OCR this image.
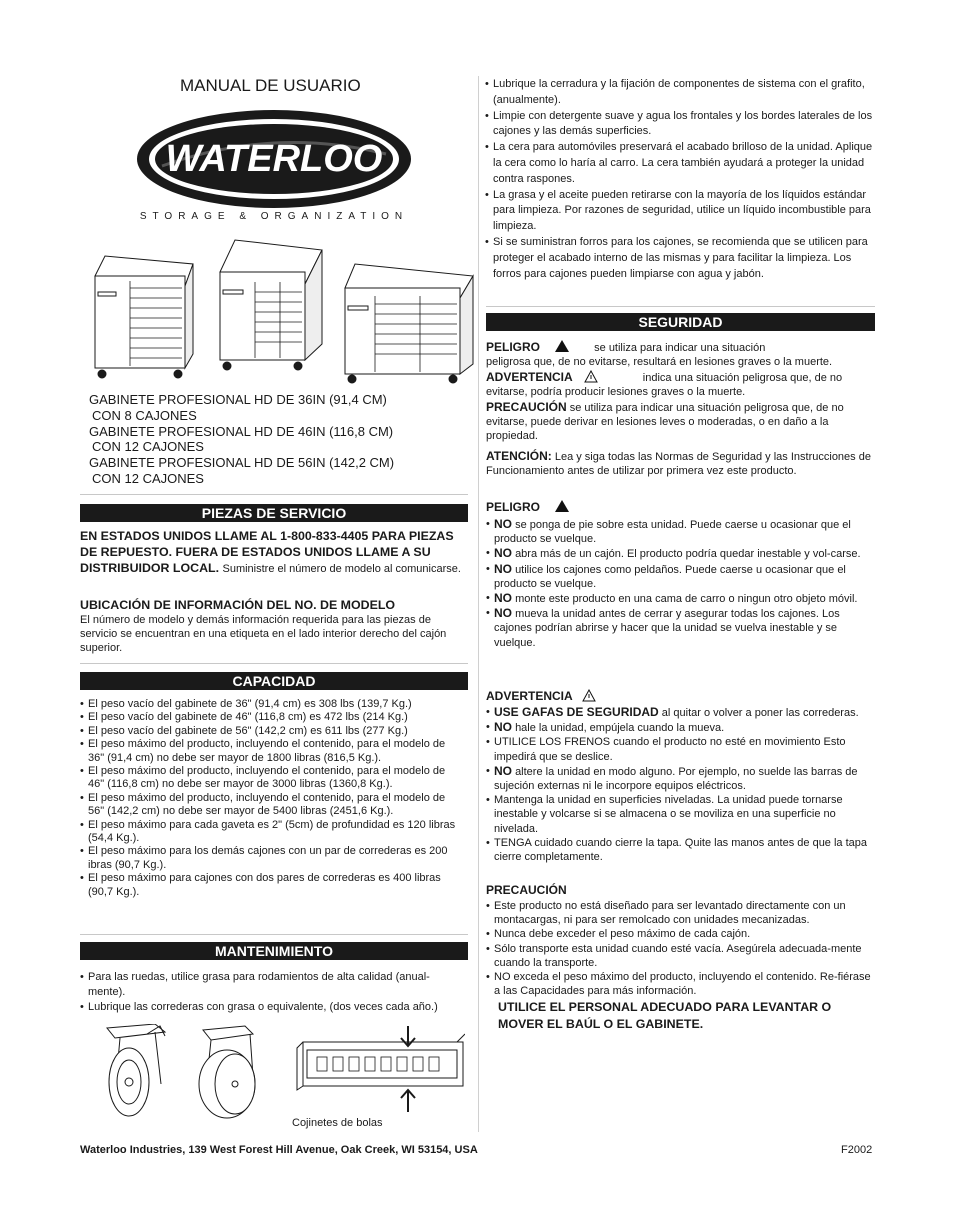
MANUAL DE USUARIO
WATERLOO
STORAGE & ORGANIZATION
GABINETE PROFESIONAL HD DE 36IN (91,4 CM)
CON 8 CAJONES
GABINETE PROFESIONAL HD DE 46IN (116,8 CM)
CON 12 CAJONES
GABINETE PROFESIONAL HD DE 56IN (142,2 CM)
CON 12 CAJONES
PIEZAS DE SERVICIO
EN ESTADOS UNIDOS LLAME AL 1-800-833-4405 PARA PIEZAS DE REPUESTO. FUERA DE ESTADOS UNIDOS LLAME A SU DISTRIBUIDOR LOCAL. Suministre el número de modelo al comunicarse.
UBICACIÓN DE INFORMACIÓN DEL NO. DE MODELO
El número de modelo y demás información requerida para las piezas de servicio se encuentran en una etiqueta en el lado interior derecho del cajón superior.
CAPACIDAD
• El peso vacío del gabinete de 36" (91,4 cm) es 308 lbs (139,7 Kg.)
• El peso vacío del gabinete de 46" (116,8 cm) es 472 lbs (214 Kg.)
• El peso vacío del gabinete de 56" (142,2 cm) es 611 lbs (277 Kg.)
• El peso máximo del producto, incluyendo el contenido, para el modelo de 36" (91,4 cm) no debe ser mayor de 1800 libras (816,5 Kg.).
• El peso máximo del producto, incluyendo el contenido, para el modelo de 46" (116,8 cm) no debe ser mayor de 3000 libras (1360,8 Kg.).
• El peso máximo del producto, incluyendo el contenido, para el modelo de 56" (142,2 cm) no debe ser mayor de 5400 libras (2451,6 Kg.).
• El peso máximo para cada gaveta es 2" (5cm) de profundidad es 120 libras (54,4 Kg.).
• El peso máximo para los demás cajones con un par de correderas es 200 ibras (90,7 Kg.).
• El peso máximo para cajones con dos pares de correderas es 400 libras (90,7 Kg.).
MANTENIMIENTO
• Para las ruedas, utilice grasa para rodamientos de alta calidad (anual-mente).
• Lubrique las correderas con grasa o equivalente, (dos veces cada año.)
Cojinetes de bolas
• Lubrique la cerradura y la fijación de componentes de sistema con el grafito, (anualmente).
• Limpie con detergente suave y agua los frontales y los bordes laterales de los cajones y las demás superficies.
• La cera para automóviles preservará el acabado brilloso de la unidad. Aplique la cera como lo haría al carro. La cera también ayudará a proteger la unidad contra raspones.
• La grasa y el aceite pueden retirarse con la mayoría de los líquidos estándar para limpieza. Por razones de seguridad, utilice un líquido incombustible para limpieza.
• Si se suministran forros para los cajones, se recomienda que se utilicen para proteger el acabado interno de las mismas y para facilitar la limpieza. Los forros para cajones pueden limpiarse con agua y jabón.
SEGURIDAD
PELIGRO	se utiliza para indicar una situación
peligrosa que, de no evitarse, resultará en lesiones graves o la muerte.
ADVERTENCIA	indica una situación peligrosa que, de no
evitarse, podría producir lesiones graves o la muerte.
PRECAUCIÓN se utiliza para indicar una situación peligrosa que, de no evitarse, puede derivar en lesiones leves o moderadas, o en daño a la propiedad.
ATENCIÓN: Lea y siga todas las Normas de Seguridad y las Instrucciones de Funcionamiento antes de utilizar por primera vez este producto.
PELIGRO
• NO se ponga de pie sobre esta unidad. Puede caerse u ocasionar que el producto se vuelque.
• NO abra más de un cajón. El producto podría quedar inestable y vol-carse.
• NO utilice los cajones como peldaños. Puede caerse u ocasionar que el producto se vuelque.
• NO monte este producto en una cama de carro o ningun otro objeto móvil.
• NO mueva la unidad antes de cerrar y asegurar todas los cajones. Los cajones podrían abrirse y hacer que la unidad se vuelva inestable y se vuelque.
ADVERTENCIA
• USE GAFAS DE SEGURIDAD al quitar o volver a poner las correderas.
• NO hale la unidad, empújela cuando la mueva.
• UTILICE LOS FRENOS cuando el producto no esté en movimiento Esto impedirá que se deslice.
• NO altere la unidad en modo alguno. Por ejemplo, no suelde las barras de sujeción externas ni le incorpore equipos eléctricos.
• Mantenga la unidad en superficies niveladas. La unidad puede tornarse inestable y volcarse si se almacena o se moviliza en una superficie no nivelada.
• TENGA cuidado cuando cierre la tapa. Quite las manos antes de que la tapa cierre completamente.
PRECAUCIÓN
• Este producto no está diseñado para ser levantado directamente con un montacargas, ni para ser remolcado con unidades mecanizadas.
• Nunca debe exceder el peso máximo de cada cajón.
• Sólo transporte esta unidad cuando esté vacía. Asegúrela adecuada-mente cuando la transporte.
• NO exceda el peso máximo del producto, incluyendo el contenido. Re-fiérase a las Capacidades para más información.
UTILICE EL PERSONAL ADECUADO PARA LEVANTAR O
MOVER EL BAÚL O EL GABINETE.
Waterloo Industries, 139 West Forest Hill Avenue, Oak Creek, WI 53154, USA	F2002
